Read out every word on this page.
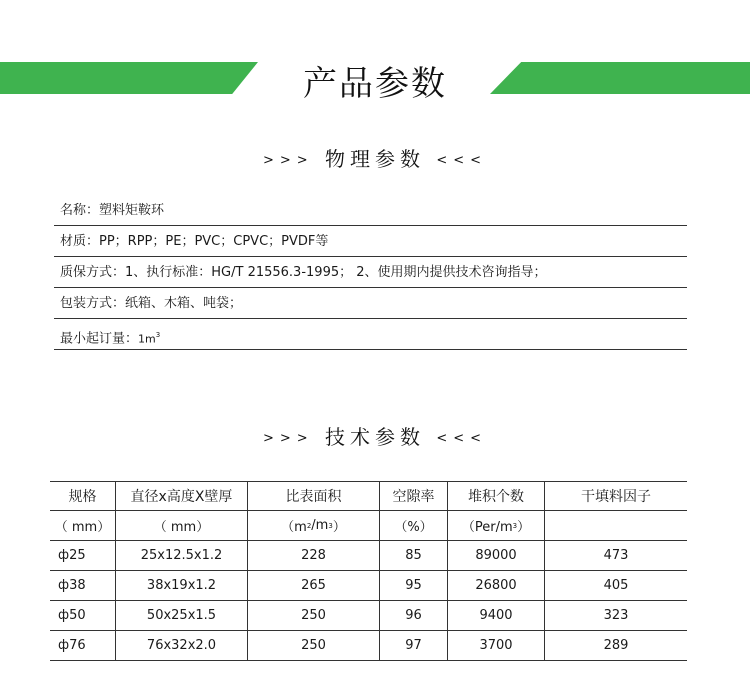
产品参数
>>> 物理参数 <<<
名称：塑料矩鞍环
材质：PP；RPP；PE；PVC；CPVC；PVDF等
质保方式：1、执行标准：HG/T 21556.3-1995； 2、使用期内提供技术咨询指导；
包装方式：纸箱、木箱、吨袋；
最小起订量：$1m^3$
>>> 技术参数 <<<
规格	直径x高度X壁厚	比表面积	空隙率	堆积个数	干填料因子
（ mm）	（ mm）	（m 2 /m 3 ）	（%）	（Per/m 3 ）
ф25	25x12.5x1.2	228	85	89000	473
ф38	38x19x1.2	265	95	26800	405
ф50	50x25x1.5	250	96	9400	323
ф76	76x32x2.0	250	97	3700	289
